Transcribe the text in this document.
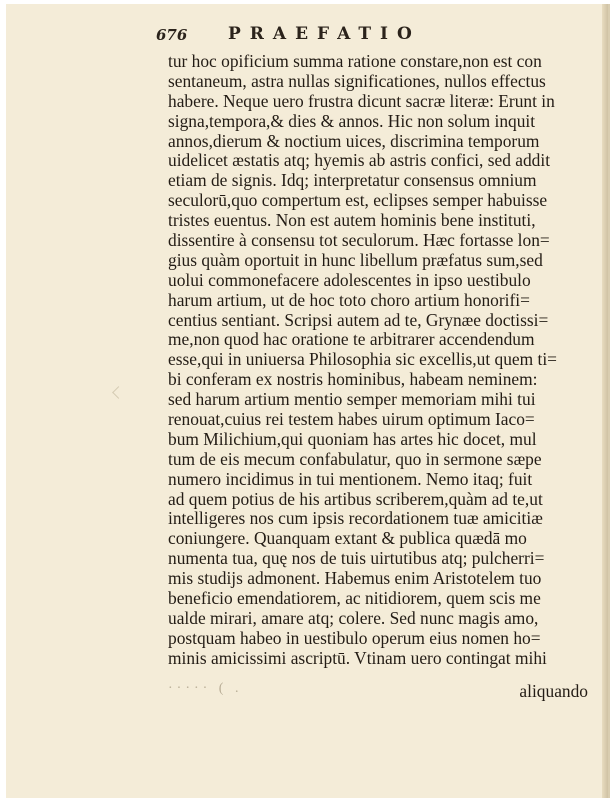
676 PRAEFATIO
tur hoc opificium summa ratione constare,non est con
sentaneum, astra nullas significationes, nullos effectus
habere. Neque uero frustra dicunt sacræ literæ: Erunt in
signa,tempora,& dies & annos. Hic non solum inquit
annos,dierum & noctium uices, discrimina temporum
uidelicet æstatis atq; hyemis ab astris confici, sed addit
etiam de signis. Idq; interpretatur consensus omnium
seculorū,quo compertum est, eclipses semper habuisse
tristes euentus. Non est autem hominis bene instituti,
dissentire à consensu tot seculorum. Hæc fortasse lon=
gius quàm oportuit in hunc libellum præfatus sum,sed
uolui commonefacere adolescentes in ipso uestibulo
harum artium, ut de hoc toto choro artium honorifi=
centius sentiant. Scripsi autem ad te, Grynæe doctissi=
me,non quod hac oratione te arbitrarer accendendum
esse,qui in uniuersa Philosophia sic excellis,ut quem ti=
bi conferam ex nostris hominibus, habeam neminem:
sed harum artium mentio semper memoriam mihi tui
renouat,cuius rei testem habes uirum optimum Iaco=
bum Milichium,qui quoniam has artes hic docet, mul
tum de eis mecum confabulatur, quo in sermone sæpe
numero incidimus in tui mentionem. Nemo itaq; fuit
ad quem potius de his artibus scriberem,quàm ad te,ut
intelligeres nos cum ipsis recordationem tuæ amicitiæ
coniungere. Quanquam extant & publica quædā mo
numenta tua, quę nos de tuis uirtutibus atq; pulcherri=
mis studijs admonent. Habemus enim Aristotelem tuo
beneficio emendatiorem, ac nitidiorem, quem scis me
ualde mirari, amare atq; colere. Sed nunc magis amo,
postquam habeo in uestibulo operum eius nomen ho=
minis amicissimi ascriptū. Vtinam uero contingat mihi
····· ( .	aliquando
